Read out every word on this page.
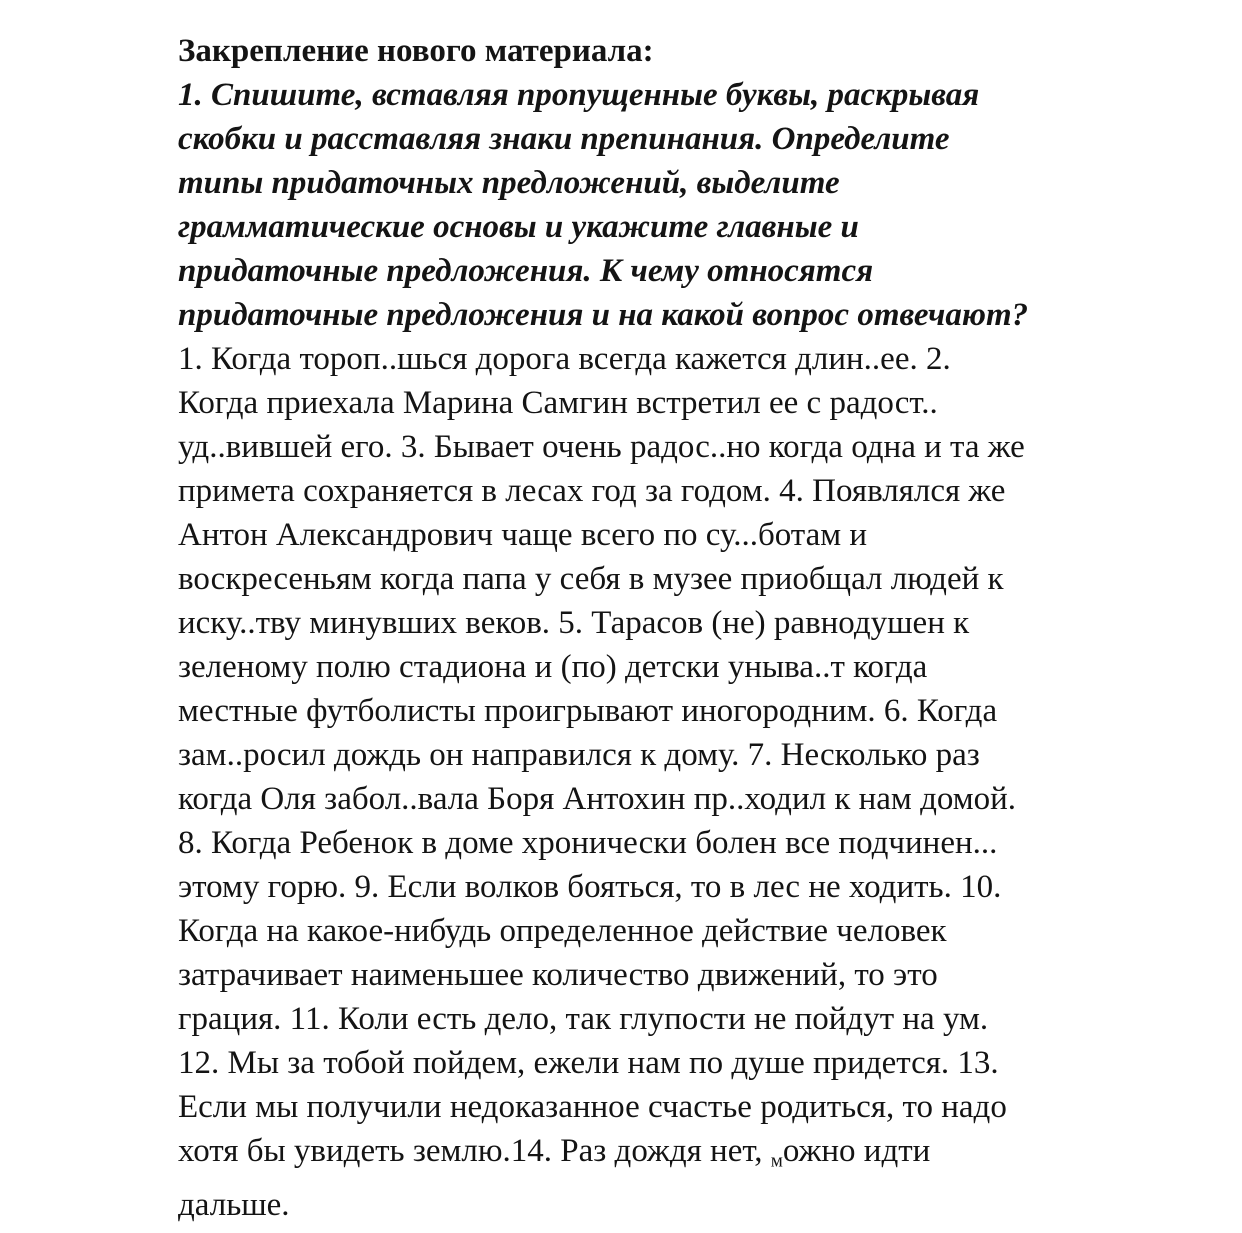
Закрепление нового материала:
1. Спишите, вставляя пропущенные буквы, раскрывая
скобки и расставляя знаки препинания. Определите
типы придаточных предложений, выделите
грамматические основы и укажите главные и
придаточные предложения. К чему относятся
придаточные предложения и на какой вопрос отвечают?
1. Когда тороп..шься дорога всегда кажется длин..ее. 2.
Когда приехала Марина Самгин встретил ее с радост..
уд..вившей его. 3. Бывает очень радос..но когда одна и та же
примета сохраняется в лесах год за годом. 4. Появлялся же
Антон Александрович чаще всего по су...ботам и
воскресеньям когда папа у себя в музее приобщал людей к
иску..тву минувших веков. 5. Тарасов (не) равнодушен к
зеленому полю стадиона и (по) детски уныва..т когда
местные футболисты проигрывают иногородним. 6. Когда
зам..росил дождь он направился к дому. 7. Несколько раз
когда Оля забол..вала Боря Антохин пр..ходил к нам домой.
8. Когда Ребенок в доме хронически болен все подчинен...
этому горю. 9. Если волков бояться, то в лес не ходить. 10.
Когда на какое-нибудь определенное действие человек
затрачивает наименьшее количество движений, то это
грация. 11. Коли есть дело, так глупости не пойдут на ум.
12. Мы за тобой пойдем, ежели нам по душе придется. 13.
Если мы получили недоказанное счастье родиться, то надо
хотя бы увидеть землю.14. Раз дождя нет, $_м$ожно идти
дальше.
